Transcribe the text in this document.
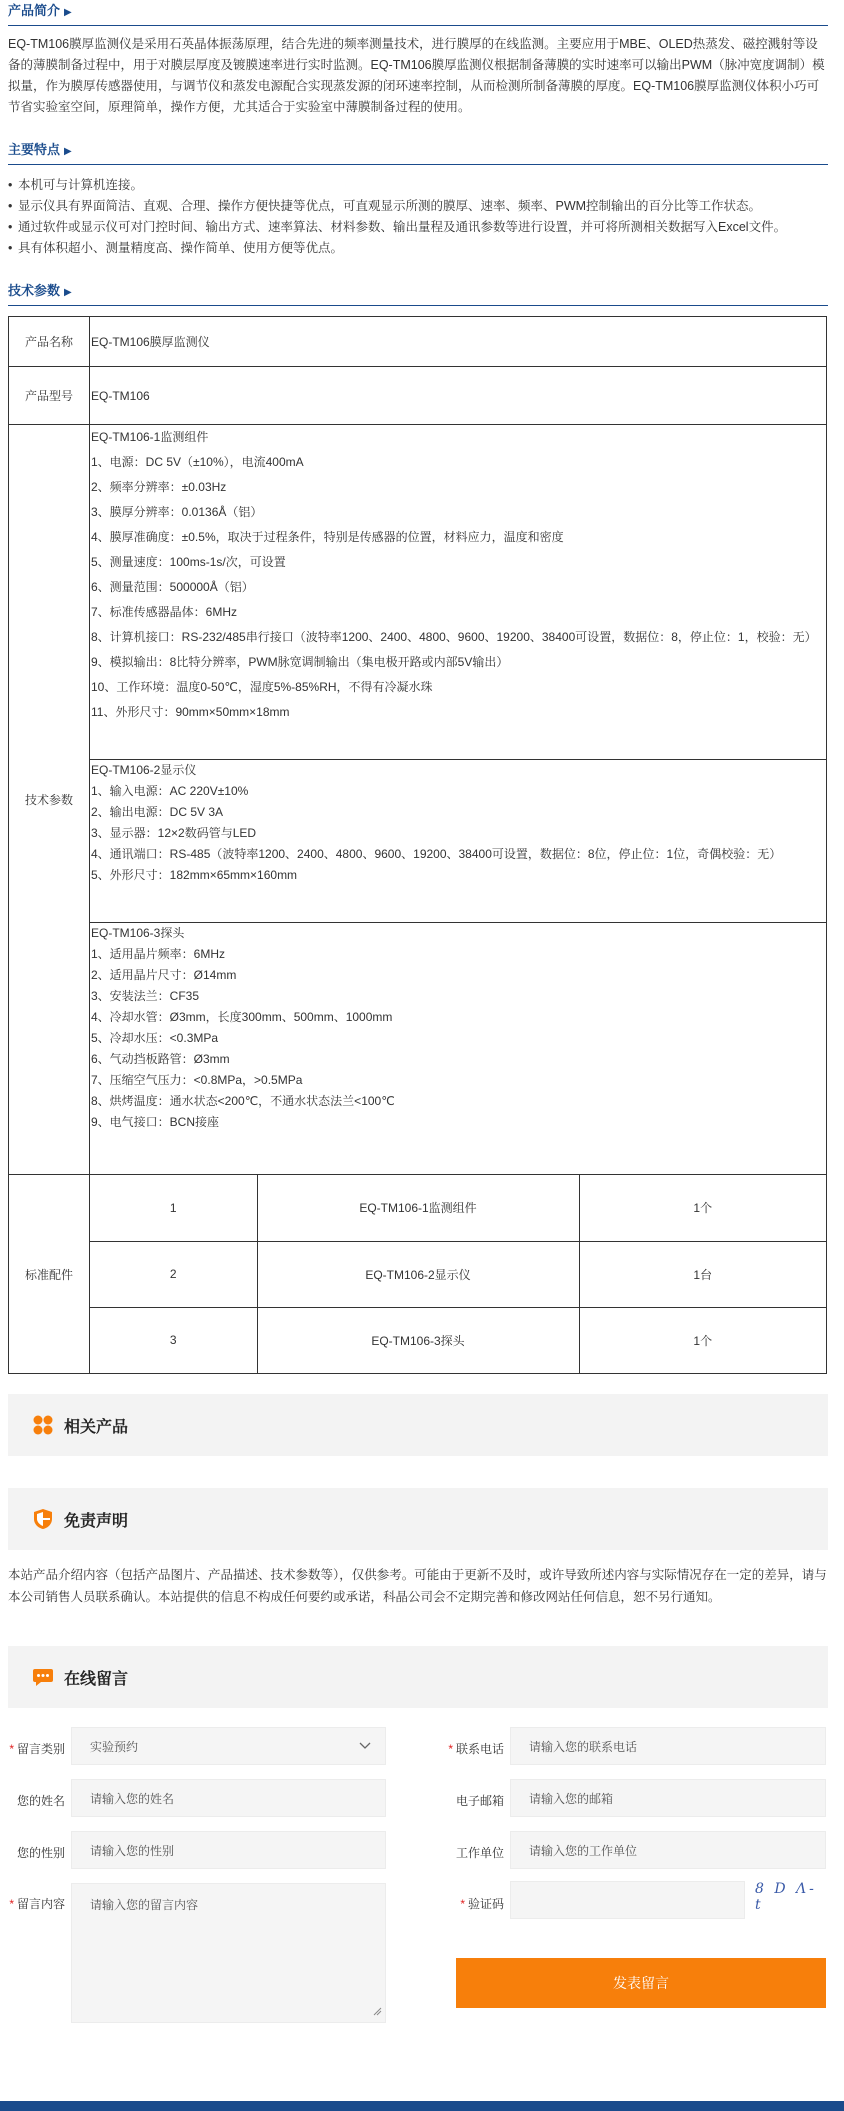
产品简介 ▶
EQ-TM106膜厚监测仪是采用石英晶体振荡原理，结合先进的频率测量技术，进行膜厚的在线监测。主要应用于MBE、OLED热蒸发、磁控溅射等设备的薄膜制备过程中，用于对膜层厚度及镀膜速率进行实时监测。EQ-TM106膜厚监测仪根据制备薄膜的实时速率可以输出PWM（脉冲宽度调制）模拟量，作为膜厚传感器使用，与调节仪和蒸发电源配合实现蒸发源的闭环速率控制，从而检测所制备薄膜的厚度。EQ-TM106膜厚监测仪体积小巧可节省实验室空间，原理简单，操作方便，尤其适合于实验室中薄膜制备过程的使用。
主要特点 ▶
• 本机可与计算机连接。
• 显示仪具有界面简洁、直观、合理、操作方便快捷等优点，可直观显示所测的膜厚、速率、频率、PWM控制输出的百分比等工作状态。
• 通过软件或显示仪可对门控时间、输出方式、速率算法、材料参数、输出量程及通讯参数等进行设置，并可将所测相关数据写入Excel文件。
• 具有体积超小、测量精度高、操作简单、使用方便等优点。
技术参数 ▶
产品名称	EQ-TM106膜厚监测仪
产品型号	EQ-TM106
技术参数	
EQ-TM106-1监测组件
1、电源：DC 5V（±10%），电流400mA
2、频率分辨率：±0.03Hz
3、膜厚分辨率：0.0136Å（铝）
4、膜厚准确度：±0.5%，取决于过程条件，特别是传感器的位置，材料应力，温度和密度
5、测量速度：100ms-1s/次，可设置
6、测量范围：500000Å（铝）
7、标准传感器晶体：6MHz
8、计算机接口：RS-232/485串行接口（波特率1200、2400、4800、9600、19200、38400可设置，数据位：8，停止位：1，校验：无）
9、模拟输出：8比特分辨率，PWM脉宽调制输出（集电极开路或内部5V输出）
10、工作环境：温度0-50℃，湿度5%-85%RH，不得有冷凝水珠
11、外形尺寸：90mm×50mm×18mm

EQ-TM106-2显示仪
1、输入电源：AC 220V±10%
2、输出电源：DC 5V 3A
3、显示器：12×2数码管与LED
4、通讯端口：RS-485（波特率1200、2400、4800、9600、19200、38400可设置，数据位：8位，停止位：1位，奇偶校验：无）
5、外形尺寸：182mm×65mm×160mm

EQ-TM106-3探头
1、适用晶片频率：6MHz
2、适用晶片尺寸：Ø14mm
3、安装法兰：CF35
4、冷却水管：Ø3mm，长度300mm、500mm、1000mm
5、冷却水压：<0.3MPa
6、气动挡板路管：Ø3mm
7、压缩空气压力：<0.8MPa，>0.5MPa
8、烘烤温度：通水状态<200℃，不通水状态法兰<100℃
9、电气接口：BCN接座

标准配件	
1	EQ-TM106-1监测组件	1个
2	EQ-TM106-2显示仪	1台
3	EQ-TM106-3探头	1个
相关产品
免责声明
本站产品介绍内容（包括产品图片、产品描述、技术参数等），仅供参考。可能由于更新不及时，或许导致所述内容与实际情况存在一定的差异，请与本公司销售人员联系确认。本站提供的信息不构成任何要约或承诺，科晶公司会不定期完善和修改网站任何信息，恕不另行通知。
在线留言
* 留言类别 实验预约	* 联系电话	请输入您的联系电话
您的姓名	请输入您的姓名	电子邮箱	请输入您的邮箱
您的性别	请输入您的性别	工作单位	请输入您的工作单位
* 留言内容 请输入您的留言内容	* 验证码
8 D Λ-t
发表留言
